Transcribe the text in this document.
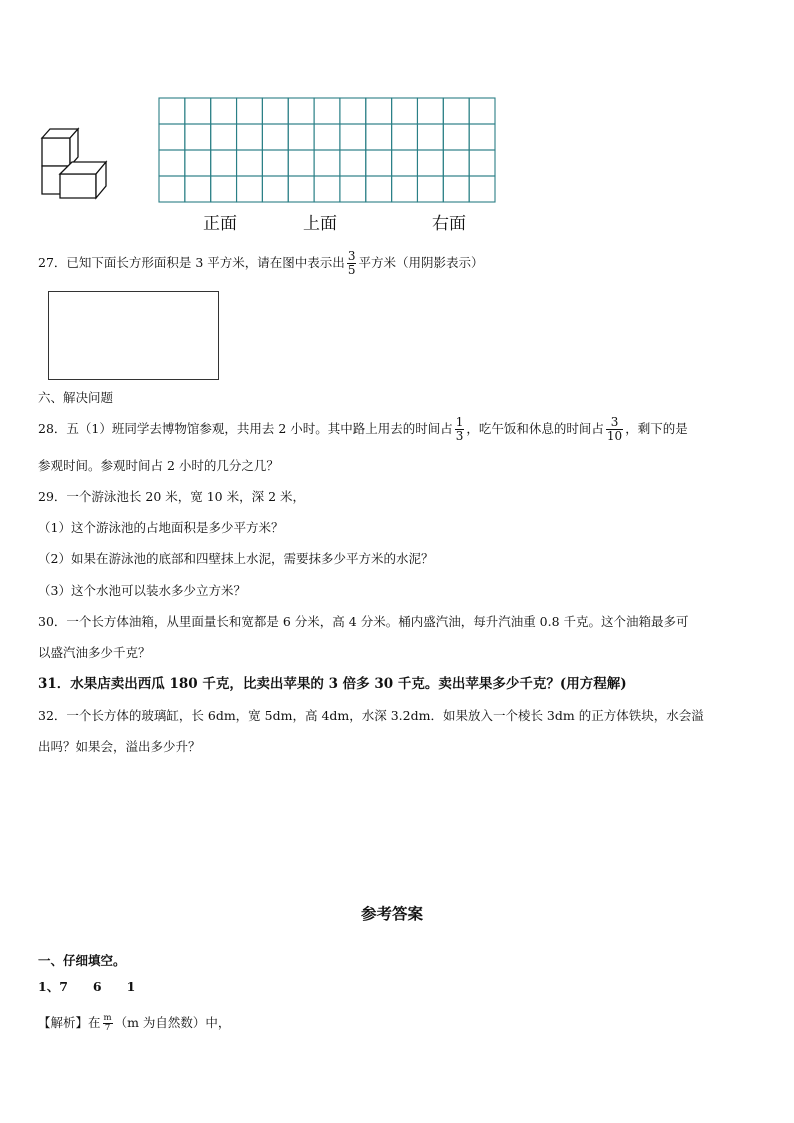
正面	上面	右面
27．已知下面长方形面积是 3 平方米，请在图中表示出 $\frac{3}{5}$ 平方米（用阴影表示）
六、解决问题
28．五（1）班同学去博物馆参观，共用去 2 小时。其中路上用去的时间占 $\frac{1}{3}$ ，吃午饭和休息的时间占 $\frac{3}{10}$ ，剩下的是
参观时间。参观时间占 2 小时的几分之几？
29．一个游泳池长 20 米，宽 10 米，深 2 米，
（1）这个游泳池的占地面积是多少平方米？
（2）如果在游泳池的底部和四壁抹上水泥，需要抹多少平方米的水泥？
（3）这个水池可以装水多少立方米？
30．一个长方体油箱，从里面量长和宽都是 6 分米，高 4 分米。桶内盛汽油，每升汽油重 0.8 千克。这个油箱最多可
以盛汽油多少千克？
31．水果店卖出西瓜 180 千克，比卖出苹果的 3 倍多 30 千克。卖出苹果多少千克？(用方程解)
32．一个长方体的玻璃缸，长 6dm，宽 5dm，高 4dm，水深 3.2dm．如果放入一个棱长 3dm 的正方体铁块，水会溢
出吗？如果会，溢出多少升？
参考答案
一、仔细填空。
1、7　　6　　1
【解析】在 $\frac{m}{7} (m$ 为自然数）中，
